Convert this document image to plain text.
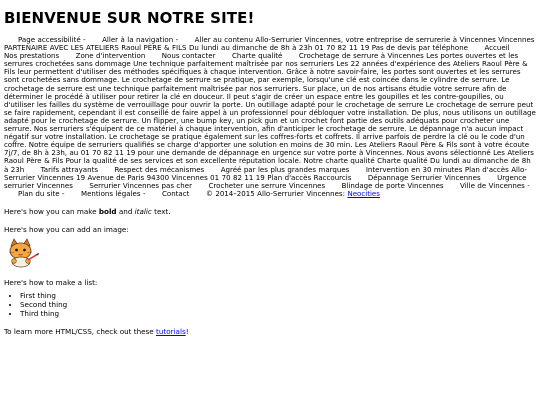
BIENVENUE SUR NOTRE SITE!
Page accessibilité - Aller à la navigation - Aller au contenu Allo-Serrurier Vincennes, votre entreprise de serrurerie à Vincennes Vincennes PARTENAIRE AVEC LES ATELIERS Raoul PÈRE & FILS Du lundi au dimanche de 8h à 23h 01 70 82 11 19 Pas de devis par téléphone Accueil Nos prestations Zone d'intervention Nous contacter Charte qualité Crochetage de serrure à Vincennes Les portes ouvertes et les serrures crochetées sans dommage Une technique parfaitement maîtrisée par nos serruriers Les 22 années d'expérience des Ateliers Raoul Père & Fils leur permettent d'utiliser des méthodes spécifiques à chaque intervention. Grâce à notre savoir-faire, les portes sont ouvertes et les serrures sont crochetées sans dommage. Le crochetage de serrure se pratique, par exemple, lorsqu'une clé est coincée dans le cylindre de serrure. Le crochetage de serrure est une technique parfaitement maîtrisée par nos serruriers. Sur place, un de nos artisans étudie votre serrure afin de déterminer le procédé à utiliser pour retirer la clé en douceur. Il peut s'agir de créer un espace entre les goupilles et les contre-goupilles, ou d'utiliser les failles du système de verrouillage pour ouvrir la porte. Un outillage adapté pour le crochetage de serrure Le crochetage de serrure peut se faire rapidement, cependant il est conseillé de faire appel à un professionnel pour débloquer votre installation. De plus, nous utilisons un outillage adapté pour le crochetage de serrure. Un flipper, une bump key, un pick gun et un crochet font partie des outils adéquats pour crocheter une serrure. Nos serruriers s'équipent de ce matériel à chaque intervention, afin d'anticiper le crochetage de serrure. Le dépannage n'a aucun impact négatif sur votre installation. Le crochetage se pratique également sur les coffres-forts et coffrets. Il arrive parfois de perdre la clé ou le code d'un coffre. Notre équipe de serruriers qualifiés se charge d'apporter une solution en moins de 30 min. Les Ateliers Raoul Père & Fils sont à votre écoute 7j/7, de 8h à 23h, au 01 70 82 11 19 pour une demande de dépannage en urgence sur votre porte à Vincennes. Nous avons sélectionné Les Ateliers Raoul Père & Fils Pour la qualité de ses services et son excellente réputation locale. Notre charte qualité Charte qualité Du lundi au dimanche de 8h à 23h Tarifs attrayants Respect des mécanismes Agréé par les plus grandes marques Intervention en 30 minutes Plan d'accès Allo-Serrurier Vincennes 19 Avenue de Paris 94300 Vincennes 01 70 82 11 19 Plan d'accès Raccourcis Dépannage Serrurier Vincennes Urgence serrurier Vincennes Serrurier Vincennes pas cher Crocheter une serrure Vincennes Blindage de porte Vincennes Ville de Vincennes - Plan du site - Mentions légales - Contact © 2014–2015 Allo-Serrurier Vincennes: Neocities

Here's how you can make bold and italic text.

Here's how you can add an image:

Here's how to make a list:

• First thing
• Second thing
• Third thing

To learn more HTML/CSS, check out these tutorials!
